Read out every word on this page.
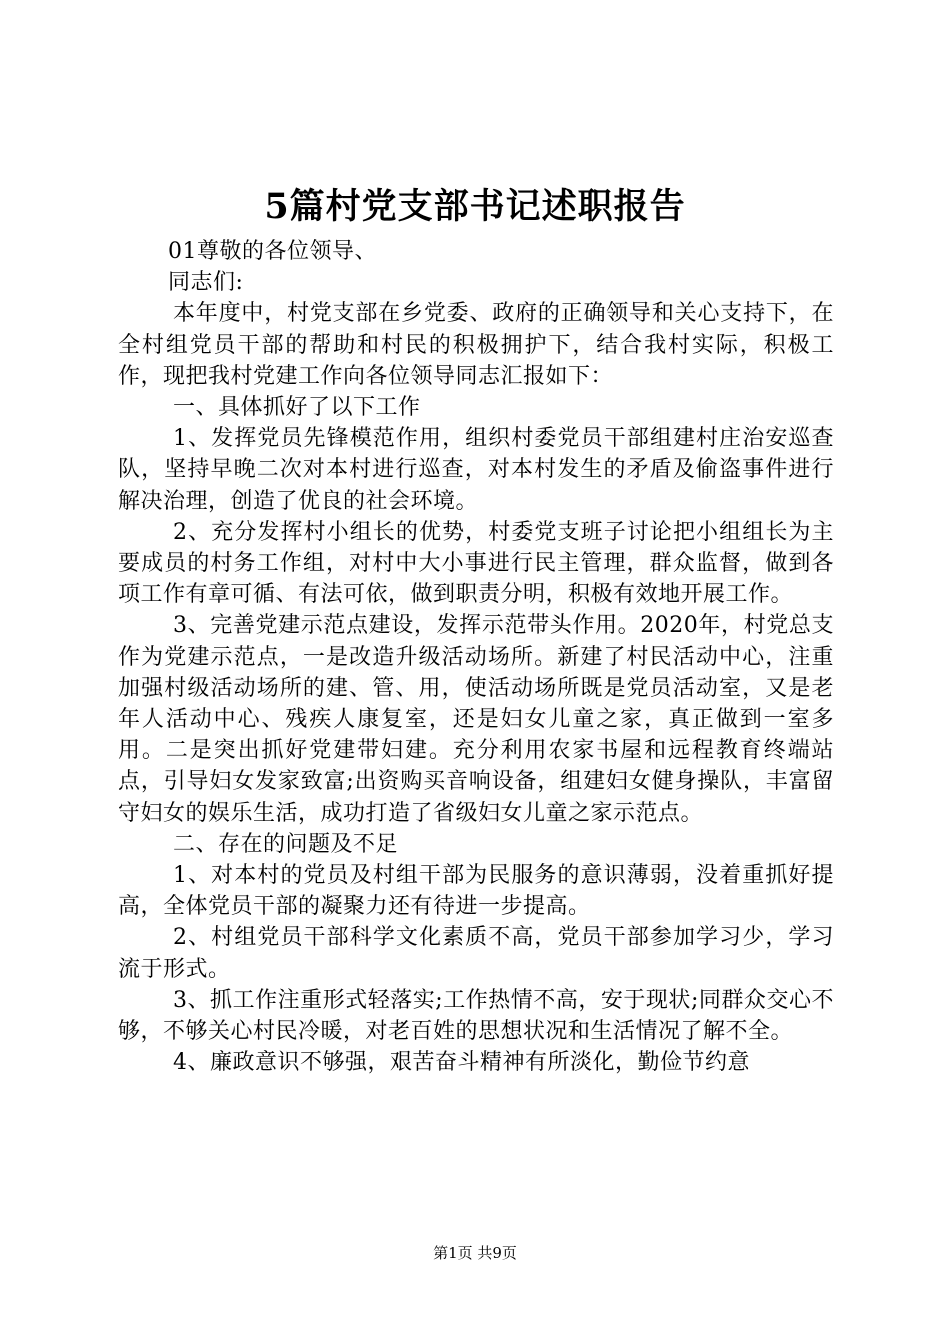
5篇村党支部书记述职报告

01尊敬的各位领导、

同志们:

本年度中，村党支部在乡党委、政府的正确领导和关心支持下，在全村组党员干部的帮助和村民的积极拥护下，结合我村实际，积极工作，现把我村党建工作向各位领导同志汇报如下：

一、具体抓好了以下工作

1、发挥党员先锋模范作用，组织村委党员干部组建村庄治安巡查队，坚持早晚二次对本村进行巡查，对本村发生的矛盾及偷盗事件进行解决治理，创造了优良的社会环境。

2、充分发挥村小组长的优势，村委党支班子讨论把小组组长为主要成员的村务工作组，对村中大小事进行民主管理，群众监督，做到各项工作有章可循、有法可依，做到职责分明，积极有效地开展工作。

3、完善党建示范点建设，发挥示范带头作用。2020年，村党总支作为党建示范点，一是改造升级活动场所。新建了村民活动中心，注重加强村级活动场所的建、管、用，使活动场所既是党员活动室，又是老年人活动中心、残疾人康复室，还是妇女儿童之家，真正做到一室多用。二是突出抓好党建带妇建。充分利用农家书屋和远程教育终端站点，引导妇女发家致富;出资购买音响设备，组建妇女健身操队，丰富留守妇女的娱乐生活，成功打造了省级妇女儿童之家示范点。

二、存在的问题及不足

1、对本村的党员及村组干部为民服务的意识薄弱，没着重抓好提高，全体党员干部的凝聚力还有待进一步提高。

2、村组党员干部科学文化素质不高，党员干部参加学习少，学习流于形式。

3、抓工作注重形式轻落实;工作热情不高，安于现状;同群众交心不够，不够关心村民冷暖，对老百姓的思想状况和生活情况了解不全。

4、廉政意识不够强，艰苦奋斗精神有所淡化，勤俭节约意

第1页 共9页
